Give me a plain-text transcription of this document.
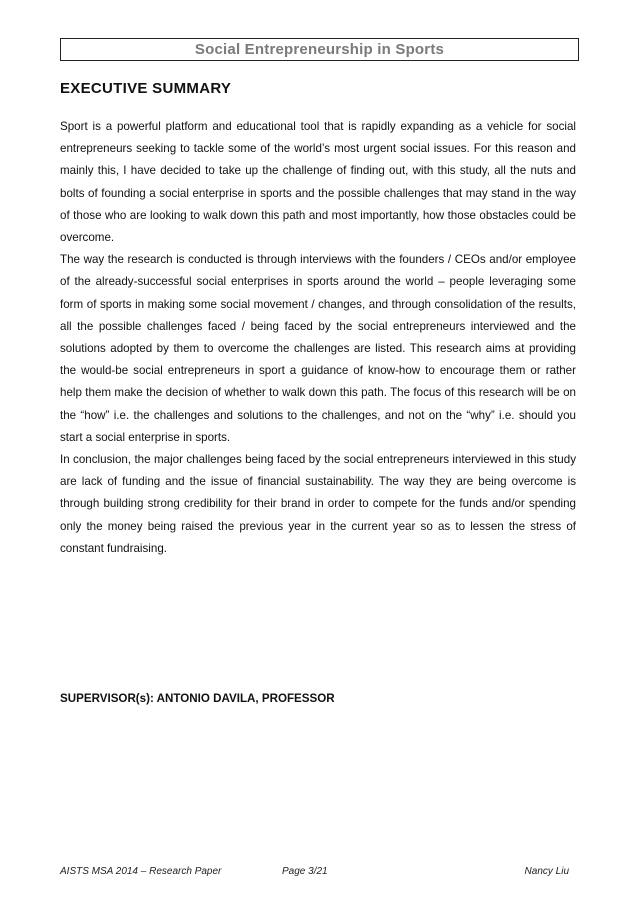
Social Entrepreneurship in Sports
EXECUTIVE SUMMARY

Sport is a powerful platform and educational tool that is rapidly expanding as a vehicle for social entrepreneurs seeking to tackle some of the world’s most urgent social issues. For this reason and mainly this, I have decided to take up the challenge of finding out, with this study, all the nuts and bolts of founding a social enterprise in sports and the possible challenges that may stand in the way of those who are looking to walk down this path and most importantly, how those obstacles could be overcome.

The way the research is conducted is through interviews with the founders / CEOs and/or employee of the already-successful social enterprises in sports around the world – people leveraging some form of sports in making some social movement / changes, and through consolidation of the results, all the possible challenges faced / being faced by the social entrepreneurs interviewed and the solutions adopted by them to overcome the challenges are listed. This research aims at providing the would-be social entrepreneurs in sport a guidance of know-how to encourage them or rather help them make the decision of whether to walk down this path. The focus of this research will be on the “how” i.e. the challenges and solutions to the challenges, and not on the “why” i.e. should you start a social enterprise in sports.

In conclusion, the major challenges being faced by the social entrepreneurs interviewed in this study are lack of funding and the issue of financial sustainability. The way they are being overcome is through building strong credibility for their brand in order to compete for the funds and/or spending only the money being raised the previous year in the current year so as to lessen the stress of constant fundraising.

SUPERVISOR(s): ANTONIO DAVILA, PROFESSOR

AISTS MSA 2014 – Research Paper	Page 3/21	Nancy Liu
